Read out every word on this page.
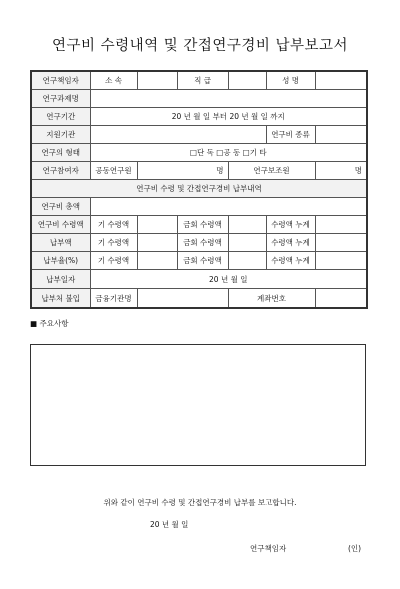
연구비 수령내역 및 간접연구경비 납부보고서
연구책임자	소 속		직 급		성 명	
연구과제명						
연구기간	20 년 월 일 부터 20 년 월 일 까지					
지원기관					연구비 종류	
연구의 형태	□단 독 □공 동 □기 타					
연구참여자	공동연구원	명		연구보조원		명
연구비 수령 및 간접연구경비 납부내역						
연구비 총액						
연구비 수령액	기 수령액		금회 수령액		수령액 누계	
납부액	기 수령액		금회 수령액		수령액 누계	
납부율(%)	기 수령액		금회 수령액		수령액 누계	
납부일자	20 년 월 일					
납부처 불입	금융기관명			계좌번호		
■ 주요사항
위와 같이 연구비 수령 및 간접연구경비 납부를 보고합니다.
20 년 월 일
연구책임자	(인)
